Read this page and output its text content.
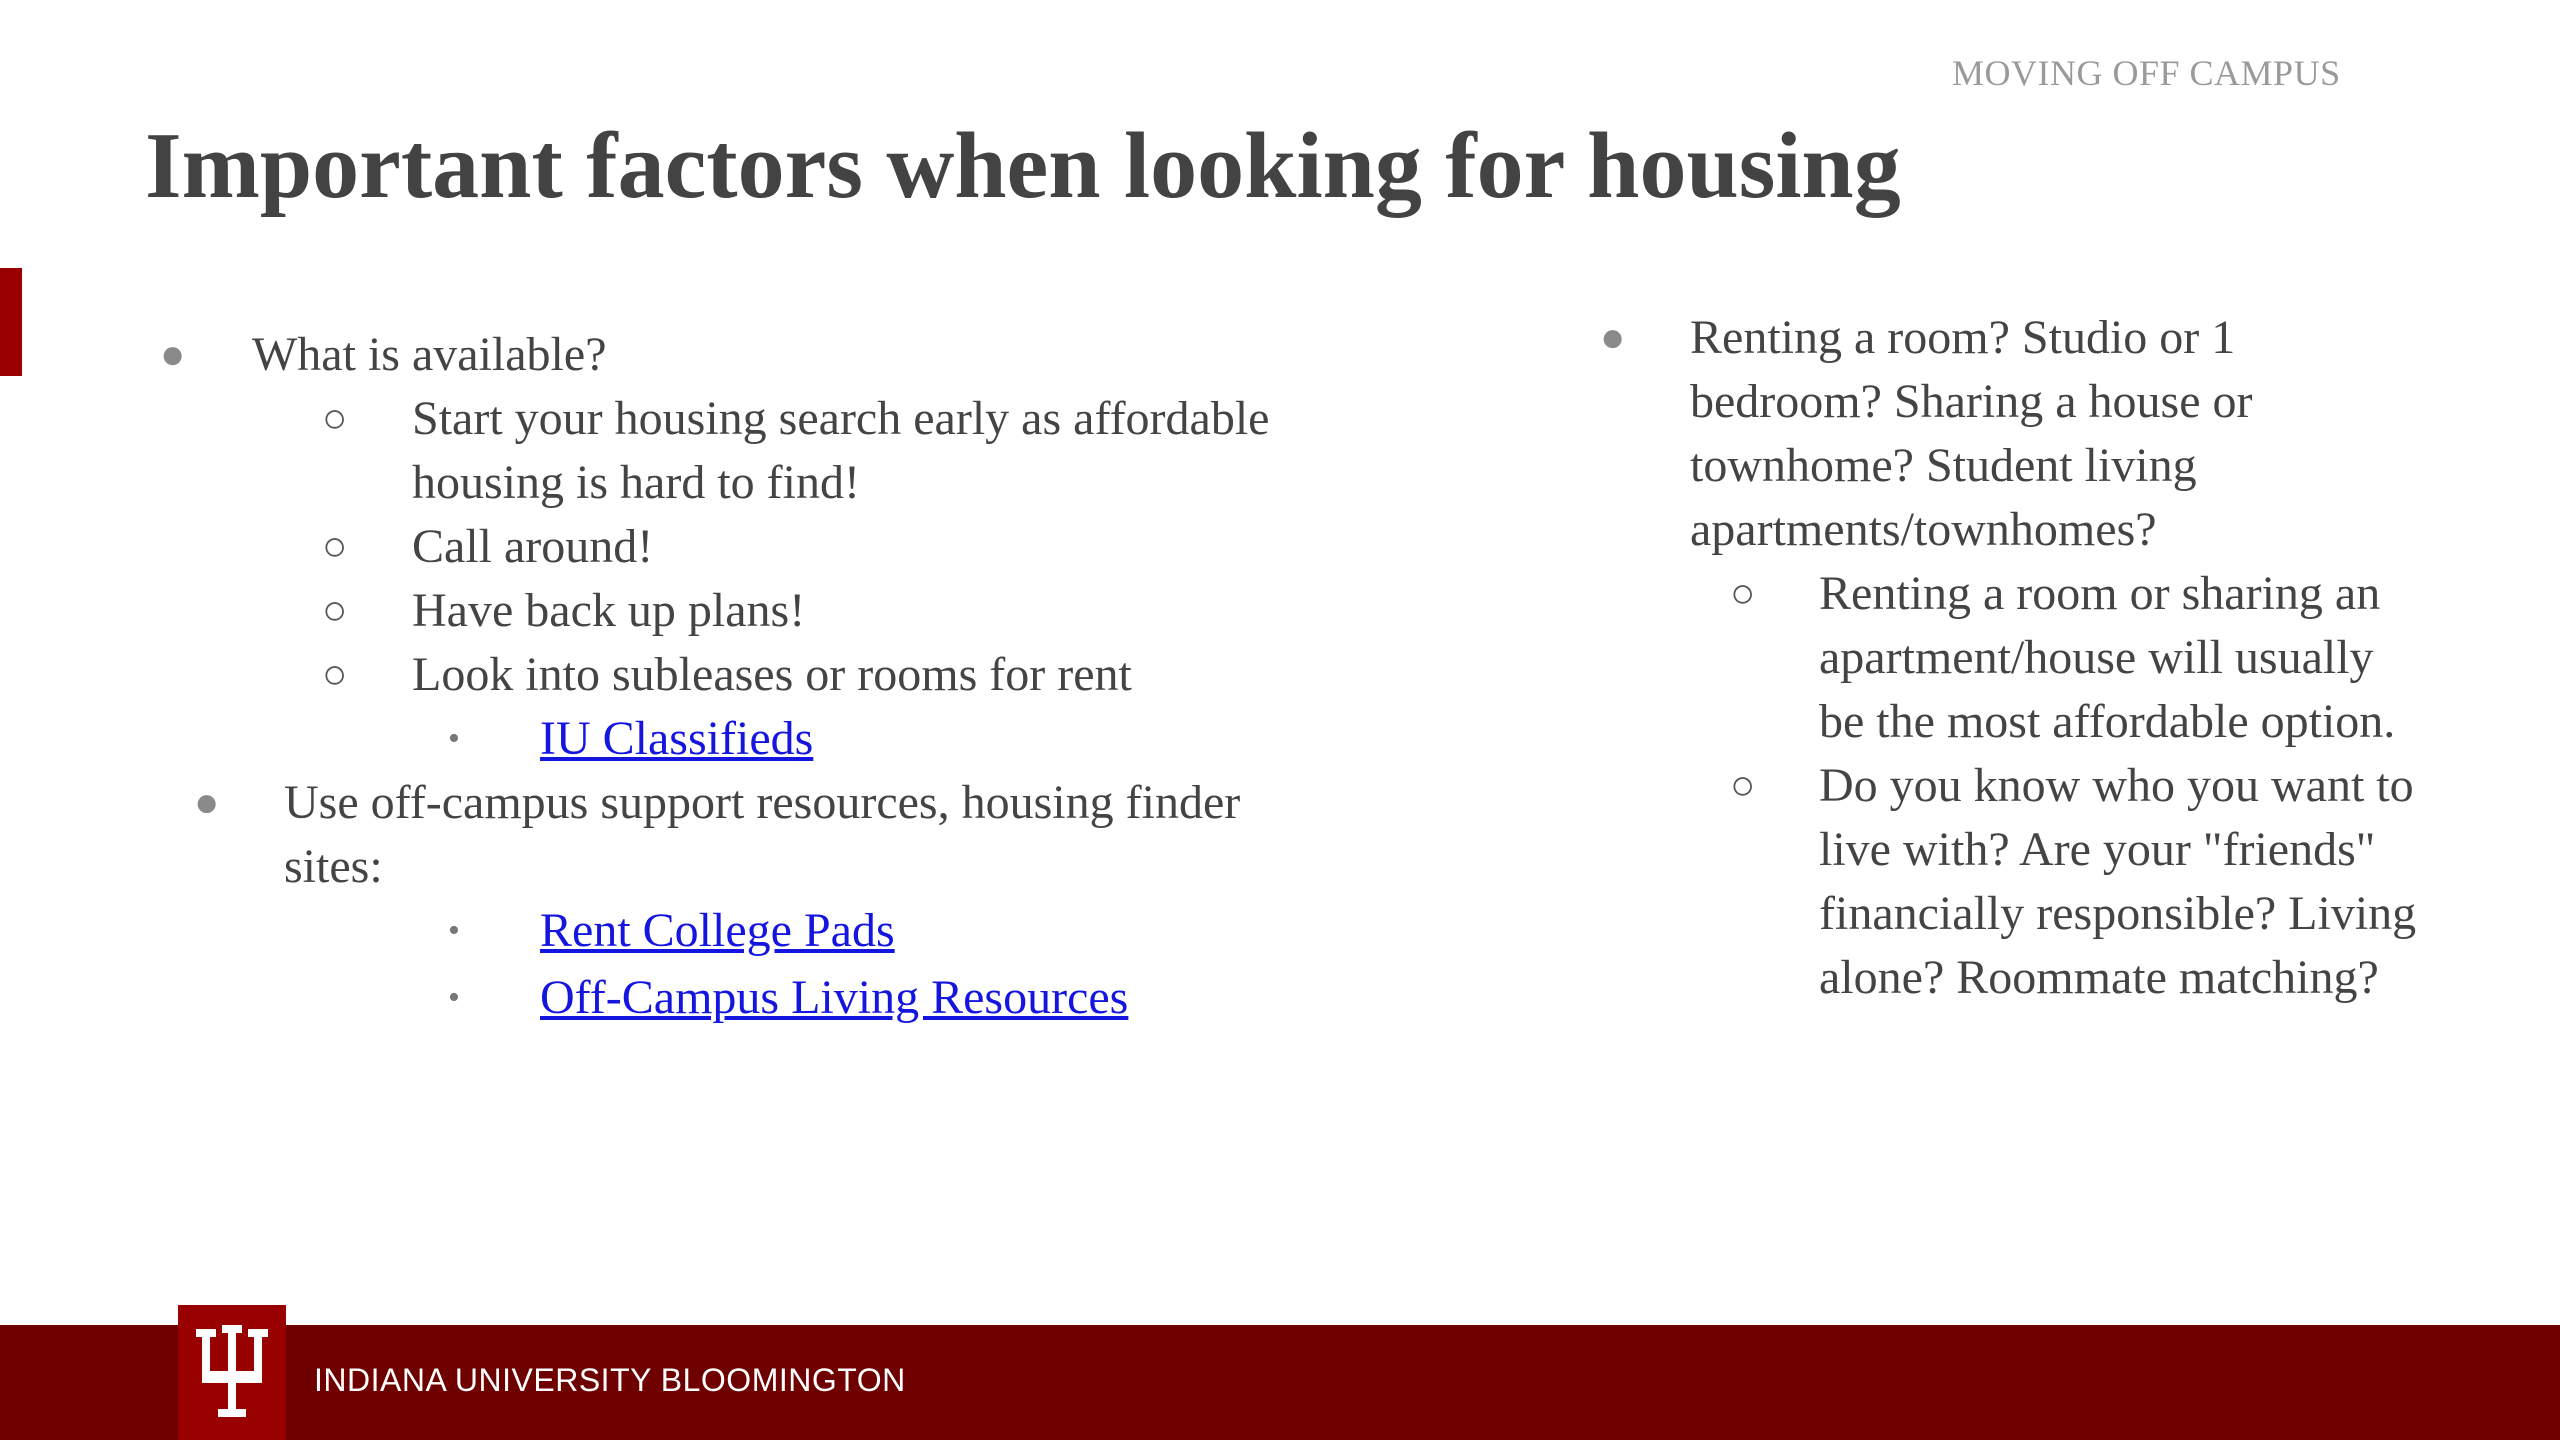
MOVING OFF CAMPUS
Important factors when looking for housing
● What is available?
○ Start your housing search early as affordable
housing is hard to find!
○ Call around!
○ Have back up plans!
○ Look into subleases or rooms for rent
• IU Classifieds
● Use off-campus support resources, housing finder
sites:
• Rent College Pads
• Off-Campus Living Resources
● Renting a room? Studio or 1
bedroom? Sharing a house or
townhome? Student living
apartments/townhomes?
○ Renting a room or sharing an
apartment/house will usually
be the most affordable option.
○ Do you know who you want to
live with? Are your "friends"
financially responsible? Living
alone? Roommate matching?
INDIANA UNIVERSITY BLOOMINGTON
